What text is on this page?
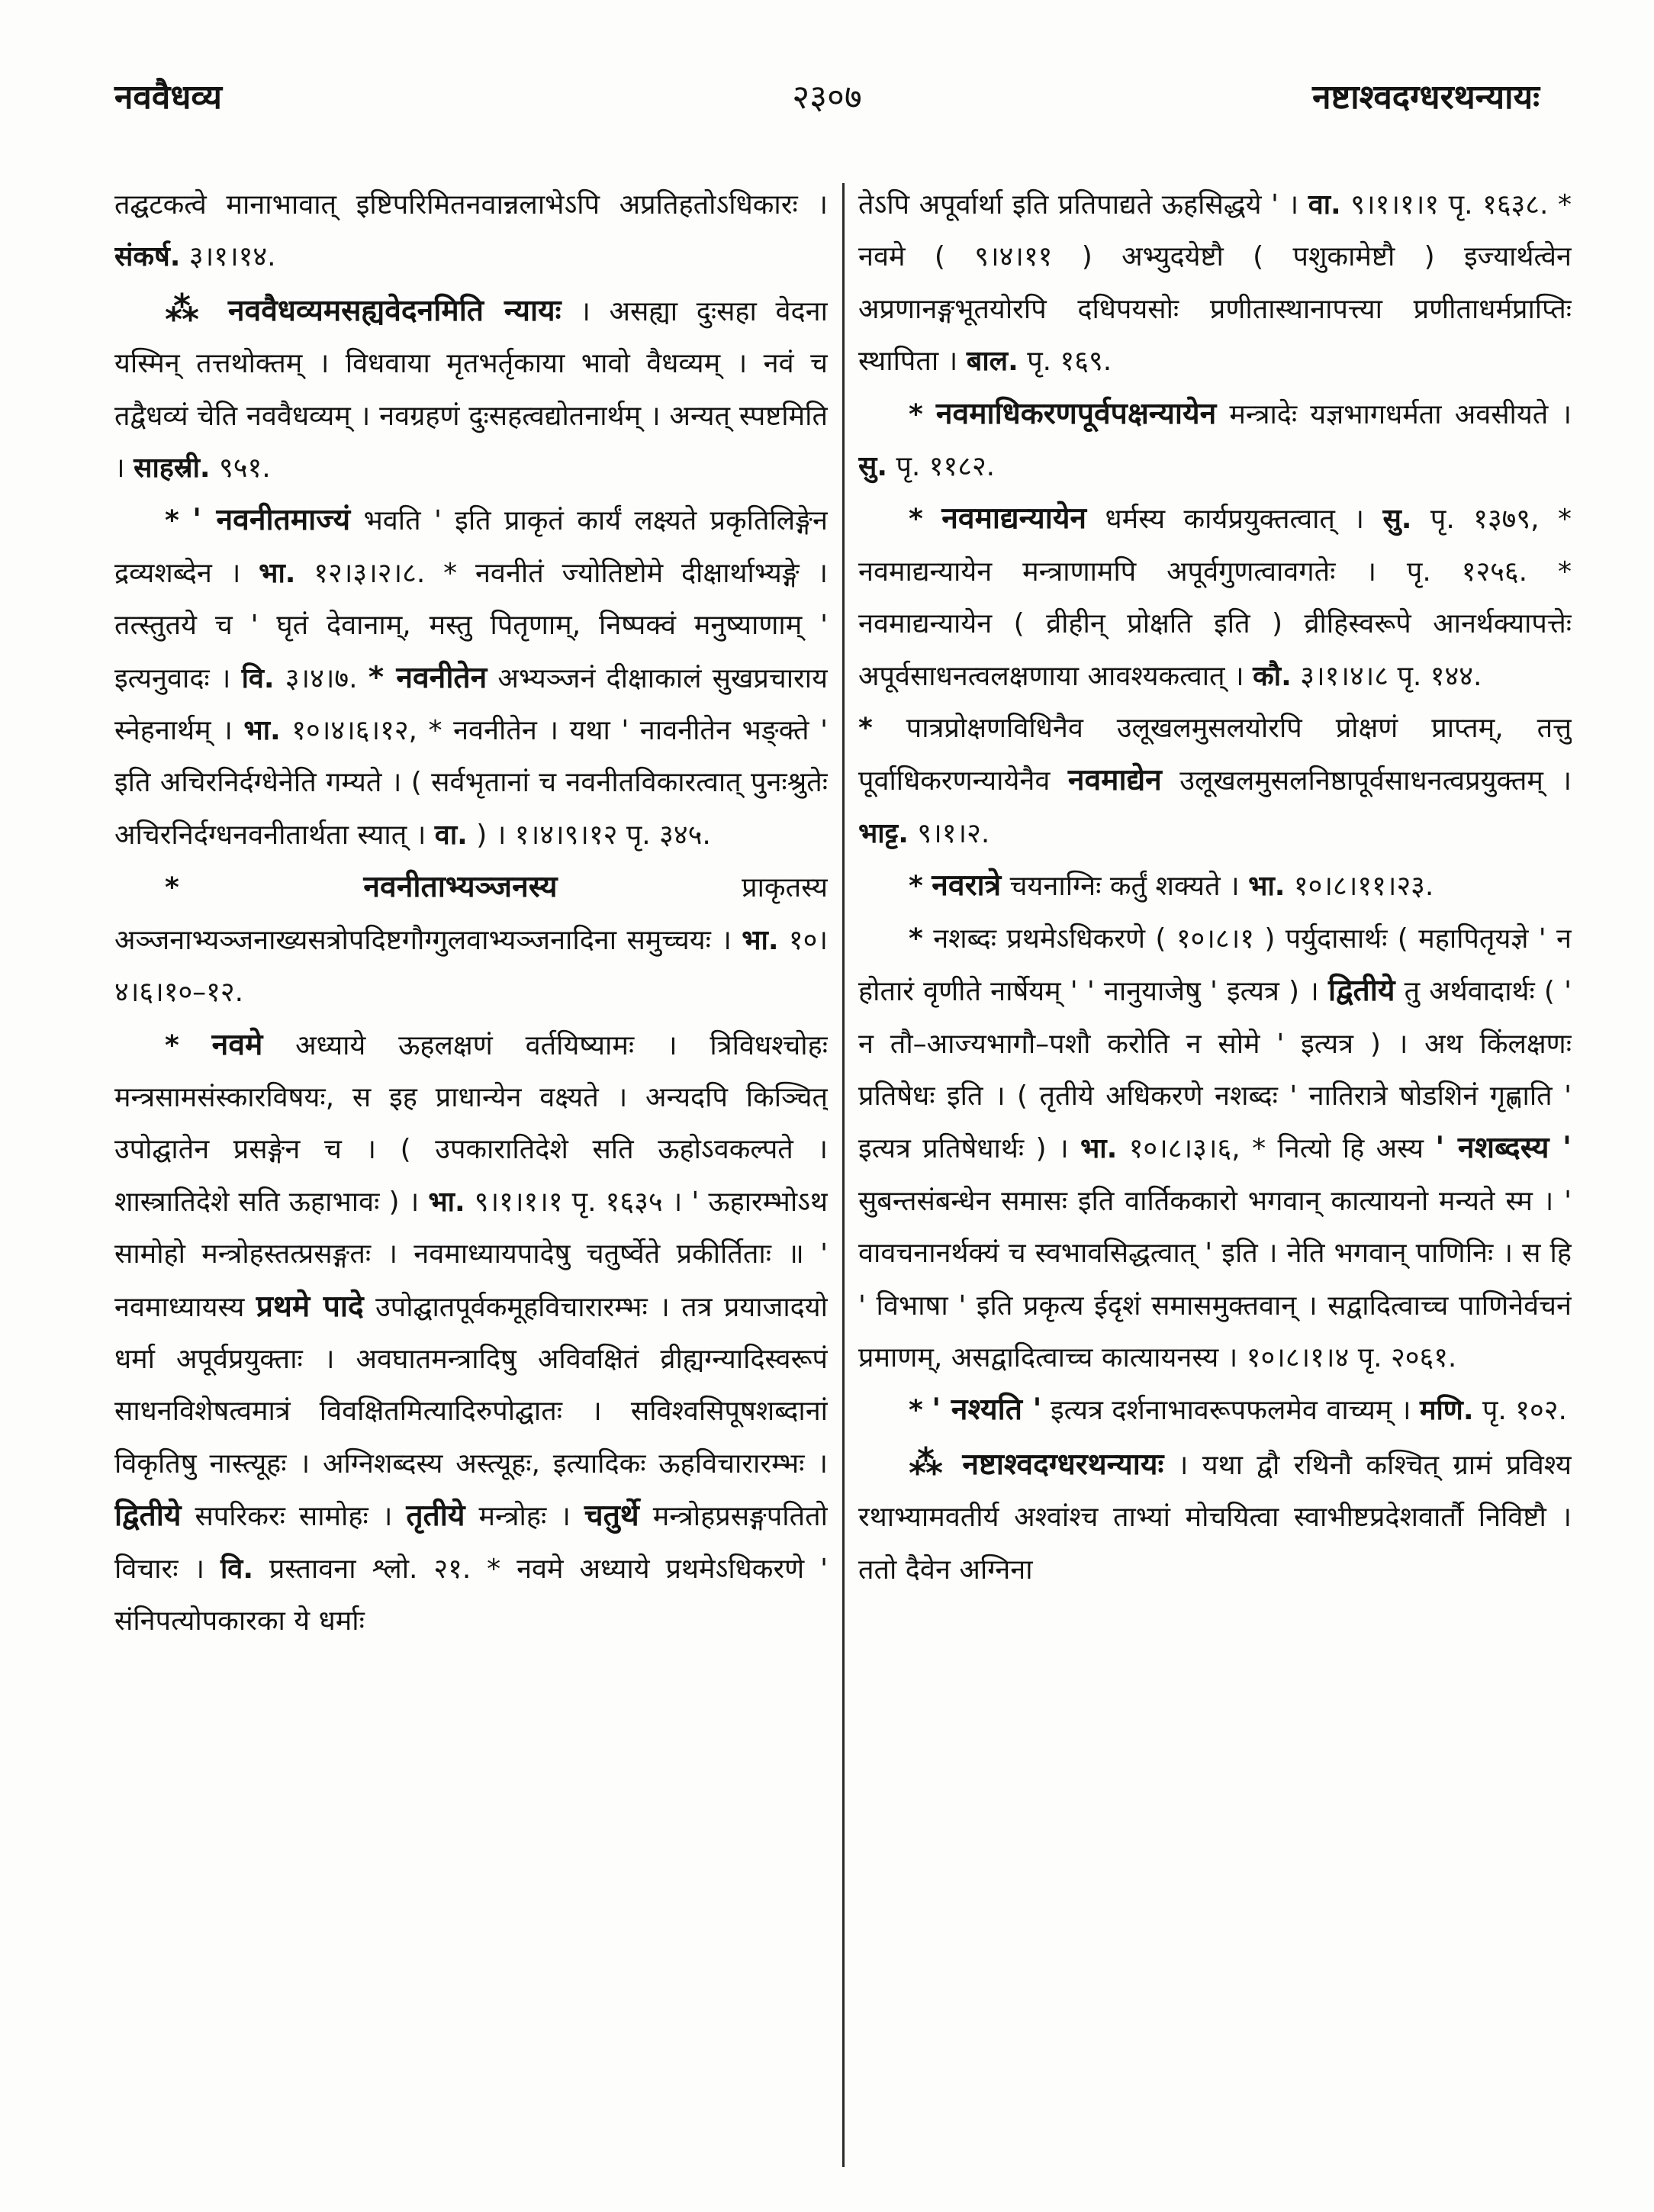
नववैधव्य	२३०७	नष्टाश्वदग्धरथन्यायः

तद्घटकत्वे मानाभावात् इष्टिपरिमितनवान्नलाभेऽपि अप्रतिहतोऽधिकारः । संकर्ष. ३।१।१४.

⁂ नववैधव्यमसह्यवेदनमिति न्यायः । असह्या दुःसहा वेदना यस्मिन् तत्तथोक्तम् । विधवाया मृतभर्तृकाया भावो वैधव्यम् । नवं च तद्वैधव्यं चेति नववैधव्यम् । नवग्रहणं दुःसहत्वद्योतनार्थम् । अन्यत् स्पष्टमिति । साहस्री. ९५१.

* ' नवनीतमाज्यं भवति ' इति प्राकृतं कार्यं लक्ष्यते प्रकृतिलिङ्गेन द्रव्यशब्देन । भा. १२।३।२।८. * नवनीतं ज्योतिष्टोमे दीक्षार्थाभ्यङ्गे । तत्स्तुतये च ' घृतं देवानाम्, मस्तु पितृणाम्, निष्पक्वं मनुष्याणाम् ' इत्यनुवादः । वि. ३।४।७. * नवनीतेन अभ्यञ्जनं दीक्षाकालं सुखप्रचाराय स्नेहनार्थम् । भा. १०।४।६।१२, * नवनीतेन । यथा ' नावनीतेन भङ्क्ते ' इति अचिरनिर्दग्धेनेति गम्यते । ( सर्वभृतानां च नवनीतविकारत्वात् पुनःश्रुतेः अचिरनिर्दग्धनवनीतार्थता स्यात् । वा. ) । १।४।९।१२ पृ. ३४५.

*	नवनीताभ्यञ्जनस्य	प्राकृतस्य अञ्जनाभ्यञ्जनाख्यसत्रोपदिष्टगौग्गुलवाभ्यञ्जनादिना समुच्चयः । भा. १०।४।६।१०–१२.

* नवमे अध्याये ऊहलक्षणं वर्तयिष्यामः । त्रिविधश्चोहः मन्त्रसामसंस्कारविषयः, स इह प्राधान्येन वक्ष्यते । अन्यदपि किञ्चित् उपोद्घातेन प्रसङ्गेन च । ( उपकारातिदेशे सति ऊहोऽवकल्पते । शास्त्रातिदेशे सति ऊहाभावः ) । भा. ९।१।१।१ पृ. १६३५ । ' ऊहारम्भोऽथ सामोहो मन्त्रोहस्तत्प्रसङ्गतः । नवमाध्यायपादेषु चतुर्ष्वेते प्रकीर्तिताः ॥ ' नवमाध्यायस्य प्रथमे पादे उपोद्घातपूर्वकमूहविचारारम्भः । तत्र प्रयाजादयो धर्मा अपूर्वप्रयुक्ताः । अवघातमन्त्रादिषु अविवक्षितं व्रीह्यग्न्यादिस्वरूपं साधनविशेषत्वमात्रं विवक्षितमित्यादिरुपोद्घातः । सविश्वसिपूषशब्दानां विकृतिषु नास्त्यूहः । अग्निशब्दस्य अस्त्यूहः, इत्यादिकः ऊहविचारारम्भः । द्वितीये सपरिकरः सामोहः । तृतीये मन्त्रोहः । चतुर्थे मन्त्रोहप्रसङ्गपतितो विचारः । वि. प्रस्तावना श्लो. २१. * नवमे अध्याये प्रथमेऽधिकरणे ' संनिपत्योपकारका ये धर्माः

तेऽपि अपूर्वार्था इति प्रतिपाद्यते ऊहसिद्धये ' । वा. ९।१।१।१ पृ. १६३८. * नवमे ( ९।४।११ ) अभ्युदयेष्टौ ( पशुकामेष्टौ ) इज्यार्थत्वेन अप्रणानङ्गभूतयोरपि दधिपयसोः प्रणीतास्थानापत्त्या प्रणीताधर्मप्राप्तिः स्थापिता । बाल. पृ. १६९.

* नवमाधिकरणपूर्वपक्षन्यायेन मन्त्रादेः यज्ञभागधर्मता अवसीयते । सु. पृ. ११८२.

* नवमाद्यन्यायेन धर्मस्य कार्यप्रयुक्तत्वात् । सु. पृ. १३७९, * नवमाद्यन्यायेन मन्त्राणामपि अपूर्वगुणत्वावगतेः । पृ. १२५६. * नवमाद्यन्यायेन ( व्रीहीन् प्रोक्षति इति ) व्रीहिस्वरूपे आनर्थक्यापत्तेः अपूर्वसाधनत्वलक्षणाया आवश्यकत्वात् । कौ. ३।१।४।८ पृ. १४४.

* पात्रप्रोक्षणविधिनैव उलूखलमुसलयोरपि प्रोक्षणं प्राप्तम्, तत्तु पूर्वाधिकरणन्यायेनैव नवमाद्येन उलूखलमुसलनिष्ठापूर्वसाधनत्वप्रयुक्तम् । भाट्ट. ९।१।२.

* नवरात्रे चयनाग्निः कर्तुं शक्यते । भा. १०।८।११।२३.

* नशब्दः प्रथमेऽधिकरणे ( १०।८।१ ) पर्युदासार्थः ( महापितृयज्ञे ' न होतारं वृणीते नार्षेयम् ' ' नानुयाजेषु ' इत्यत्र ) । द्वितीये तु अर्थवादार्थः ( ' न तौ–आज्यभागौ–पशौ करोति न सोमे ' इत्यत्र ) । अथ किंलक्षणः प्रतिषेधः इति । ( तृतीये अधिकरणे नशब्दः ' नातिरात्रे षोडशिनं गृह्णाति ' इत्यत्र प्रतिषेधार्थः ) । भा. १०।८।३।६, * नित्यो हि अस्य ' नशब्दस्य ' सुबन्तसंबन्धेन समासः इति वार्तिककारो भगवान् कात्यायनो मन्यते स्म । ' वावचनानर्थक्यं च स्वभावसिद्धत्वात् ' इति । नेति भगवान् पाणिनिः । स हि ' विभाषा ' इति प्रकृत्य ईदृशं समासमुक्तवान् । सद्वादित्वाच्च पाणिनेर्वचनं प्रमाणम्, असद्वादित्वाच्च कात्यायनस्य । १०।८।१।४ पृ. २०६१.

* ' नश्यति ' इत्यत्र दर्शनाभावरूपफलमेव वाच्यम् । मणि. पृ. १०२.

⁂ नष्टाश्वदग्धरथन्यायः । यथा द्वौ रथिनौ कश्चित् ग्रामं प्रविश्य रथाभ्यामवतीर्य अश्वांश्च ताभ्यां मोचयित्वा स्वाभीष्टप्रदेशवार्तौ निविष्टौ । ततो दैवेन अग्निना
